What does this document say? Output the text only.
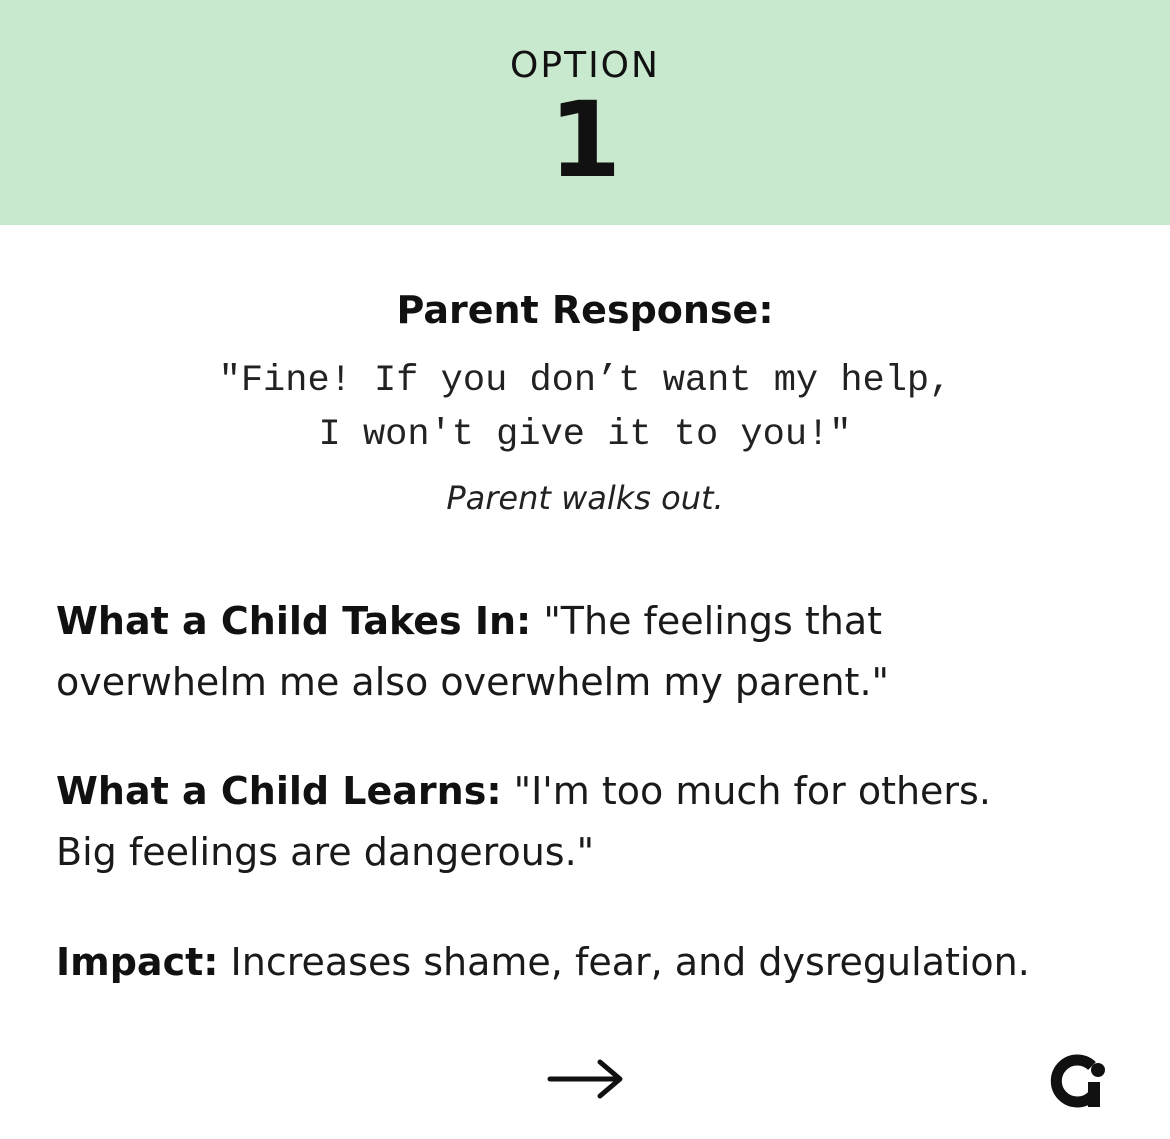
OPTION
1
Parent Response:
"Fine! If you don’t want my help,
I won't give it to you!"
Parent walks out.
What a Child Takes In: "The feelings that
overwhelm me also overwhelm my parent."
What a Child Learns: "I'm too much for others.
Big feelings are dangerous."
Impact: Increases shame, fear, and dysregulation.
